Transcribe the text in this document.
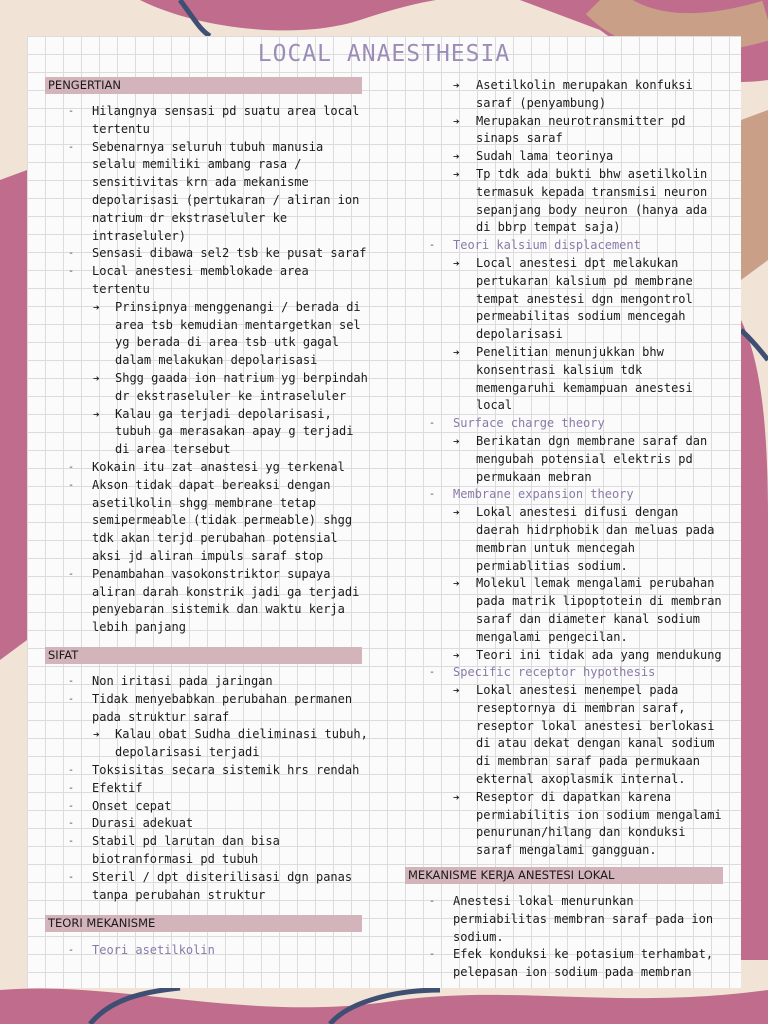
LOCAL ANAESTHESIA
PENGERTIAN
- Hilangnya sensasi pd suatu area local tertentu
- Sebenarnya seluruh tubuh manusia selalu memiliki ambang rasa / sensitivitas krn ada mekanisme depolarisasi (pertukaran / aliran ion natrium dr ekstraseluler ke intraseluler)
- Sensasi dibawa sel2 tsb ke pusat saraf
- Local anestesi memblokade area tertentu
➔ Prinsipnya menggenangi / berada di area tsb kemudian mentargetkan sel yg berada di area tsb utk gagal dalam melakukan depolarisasi
➔ Shgg gaada ion natrium yg berpindah dr ekstraseluler ke intraseluler
➔ Kalau ga terjadi depolarisasi, tubuh ga merasakan apay g terjadi di area tersebut
- Kokain itu zat anastesi yg terkenal
- Akson tidak dapat bereaksi dengan asetilkolin shgg membrane tetap semipermeable (tidak permeable) shgg tdk akan terjd perubahan potensial aksi jd aliran impuls saraf stop
- Penambahan vasokonstriktor supaya aliran darah konstrik jadi ga terjadi penyebaran sistemik dan waktu kerja lebih panjang
SIFAT
- Non iritasi pada jaringan
- Tidak menyebabkan perubahan permanen pada struktur saraf
➔ Kalau obat Sudha dieliminasi tubuh, depolarisasi terjadi
- Toksisitas secara sistemik hrs rendah
- Efektif
- Onset cepat
- Durasi adekuat
- Stabil pd larutan dan bisa biotranformasi pd tubuh
- Steril / dpt disterilisasi dgn panas tanpa perubahan struktur
TEORI MEKANISME
- Teori asetilkolin
➔ Asetilkolin merupakan konfuksi saraf (penyambung)
➔ Merupakan neurotransmitter pd sinaps saraf
➔ Sudah lama teorinya
➔ Tp tdk ada bukti bhw asetilkolin termasuk kepada transmisi neuron sepanjang body neuron (hanya ada di bbrp tempat saja)
- Teori kalsium displacement
➔ Local anestesi dpt melakukan pertukaran kalsium pd membrane tempat anestesi dgn mengontrol permeabilitas sodium mencegah depolarisasi
➔ Penelitian menunjukkan bhw konsentrasi kalsium tdk memengaruhi kemampuan anestesi local
- Surface charge theory
➔ Berikatan dgn membrane saraf dan mengubah potensial elektris pd permukaan mebran
- Membrane expansion theory
➔ Lokal anestesi difusi dengan daerah hidrphobik dan meluas pada membran untuk mencegah permiablitias sodium.
➔ Molekul lemak mengalami perubahan pada matrik lipoptotein di membran saraf dan diameter kanal sodium mengalami pengecilan.
➔ Teori ini tidak ada yang mendukung
- Specific receptor hypothesis
➔ Lokal anestesi menempel pada reseptornya di membran saraf, reseptor lokal anestesi berlokasi di atau dekat dengan kanal sodium di membran saraf pada permukaan ekternal axoplasmik internal.
➔ Reseptor di dapatkan karena permiabilitis ion sodium mengalami penurunan/hilang dan konduksi saraf mengalami gangguan.
MEKANISME KERJA ANESTESI LOKAL
- Anestesi lokal menurunkan permiabilitas membran saraf pada ion sodium.
- Efek konduksi ke potasium terhambat, pelepasan ion sodium pada membran
